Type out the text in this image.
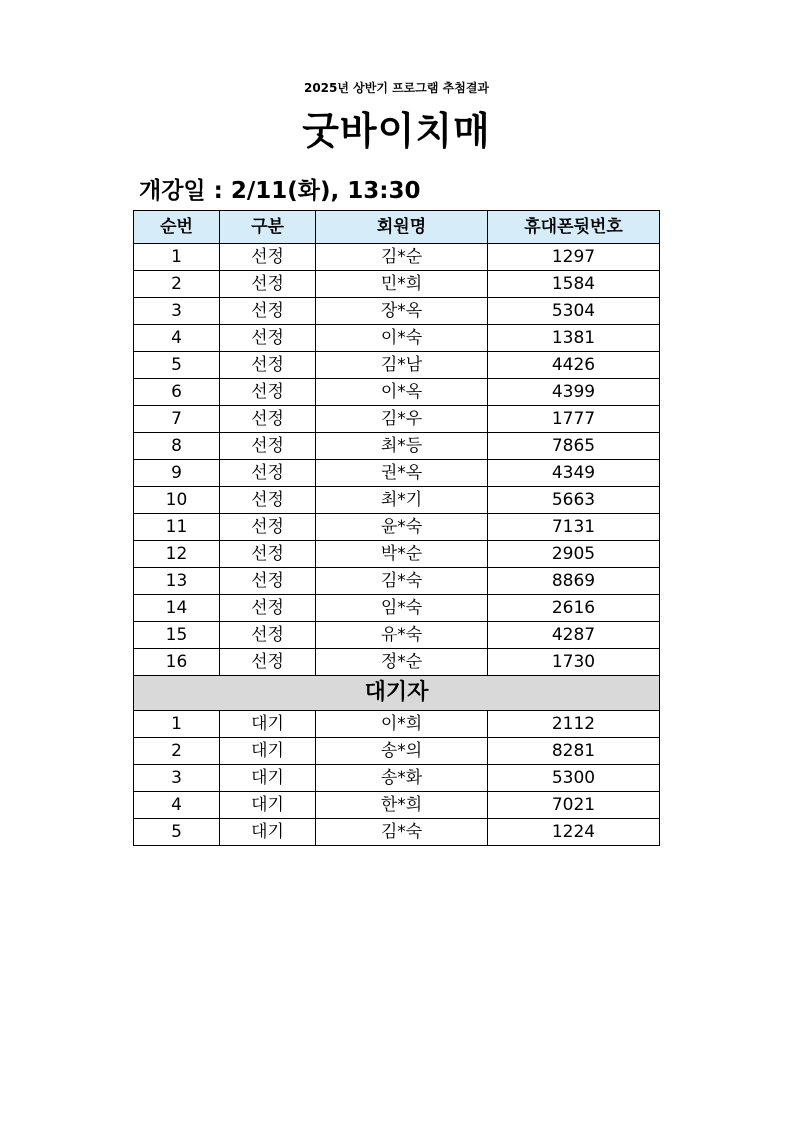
2025년 상반기 프로그램 추첨결과
굿바이치매
개강일 : 2/11(화), 13:30
순번	구분	회원명	휴대폰뒷번호
1	선정	김*순	1297
2	선정	민*희	1584
3	선정	장*옥	5304
4	선정	이*숙	1381
5	선정	김*남	4426
6	선정	이*옥	4399
7	선정	김*우	1777
8	선정	최*등	7865
9	선정	권*옥	4349
10	선정	최*기	5663
11	선정	윤*숙	7131
12	선정	박*순	2905
13	선정	김*숙	8869
14	선정	임*숙	2616
15	선정	유*숙	4287
16	선정	정*순	1730
대기자			
1	대기	이*희	2112
2	대기	송*의	8281
3	대기	송*화	5300
4	대기	한*희	7021
5	대기	김*숙	1224
